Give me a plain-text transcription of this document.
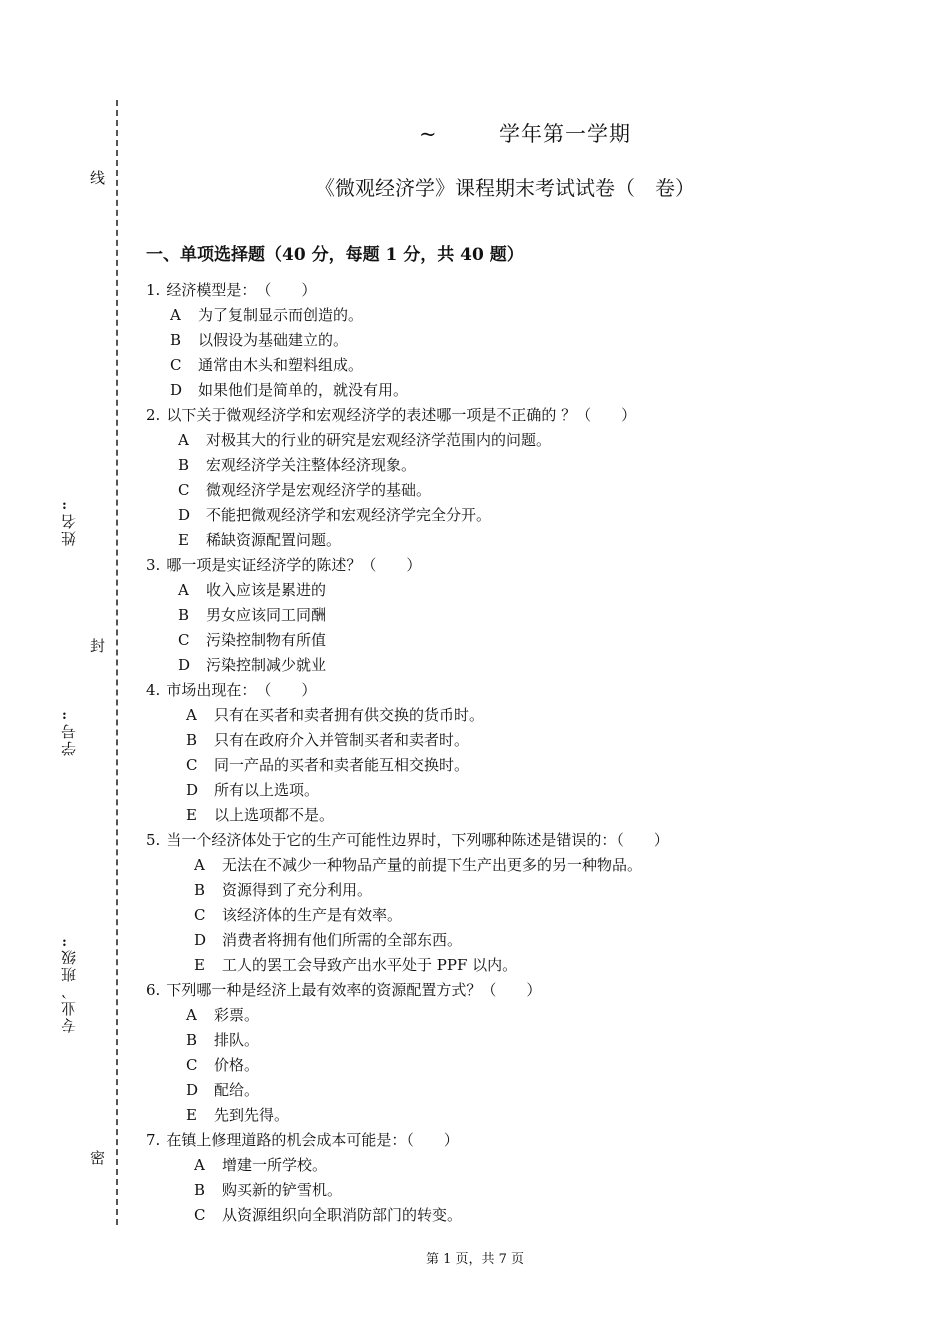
线
封
密
:
姓名
:
学号
:
专业、班级
~	学年第一学期
《微观经济学》课程期末考试试卷（　卷）
一、单项选择题（40 分，每题 1 分，共 40 题）
1. 经济模型是：　（　　）
A 为了复制显示而创造的。
B 以假设为基础建立的。
C 通常由木头和塑料组成。
D 如果他们是简单的，就没有用。
2. 以下关于微观经济学和宏观经济学的表述哪一项是不正确的 ？（　　）
A 对极其大的行业的研究是宏观经济学范围内的问题。
B 宏观经济学关注整体经济现象。
C 微观经济学是宏观经济学的基础。
D 不能把微观经济学和宏观经济学完全分开。
E 稀缺资源配置问题。
3. 哪一项是实证经济学的陈述？（　　）
A 收入应该是累进的
B 男女应该同工同酬
C 污染控制物有所值
D 污染控制减少就业
4. 市场出现在：　（　　）
A 只有在买者和卖者拥有供交换的货币时。
B 只有在政府介入并管制买者和卖者时。
C 同一产品的买者和卖者能互相交换时。
D 所有以上选项。
E 以上选项都不是。
5. 当一个经济体处于它的生产可能性边界时，下列哪种陈述是错误的：（　　）
A 无法在不减少一种物品产量的前提下生产出更多的另一种物品。
B 资源得到了充分利用。
C 该经济体的生产是有效率。
D 消费者将拥有他们所需的全部东西。
E 工人的罢工会导致产出水平处于 PPF 以内。
6. 下列哪一种是经济上最有效率的资源配置方式？（　　）
A 彩票。
B 排队。
C 价格。
D 配给。
E 先到先得。
7. 在镇上修理道路的机会成本可能是：（　　）
A 增建一所学校。
B 购买新的铲雪机。
C 从资源组织向全职消防部门的转变。
第 1 页，共 7 页
